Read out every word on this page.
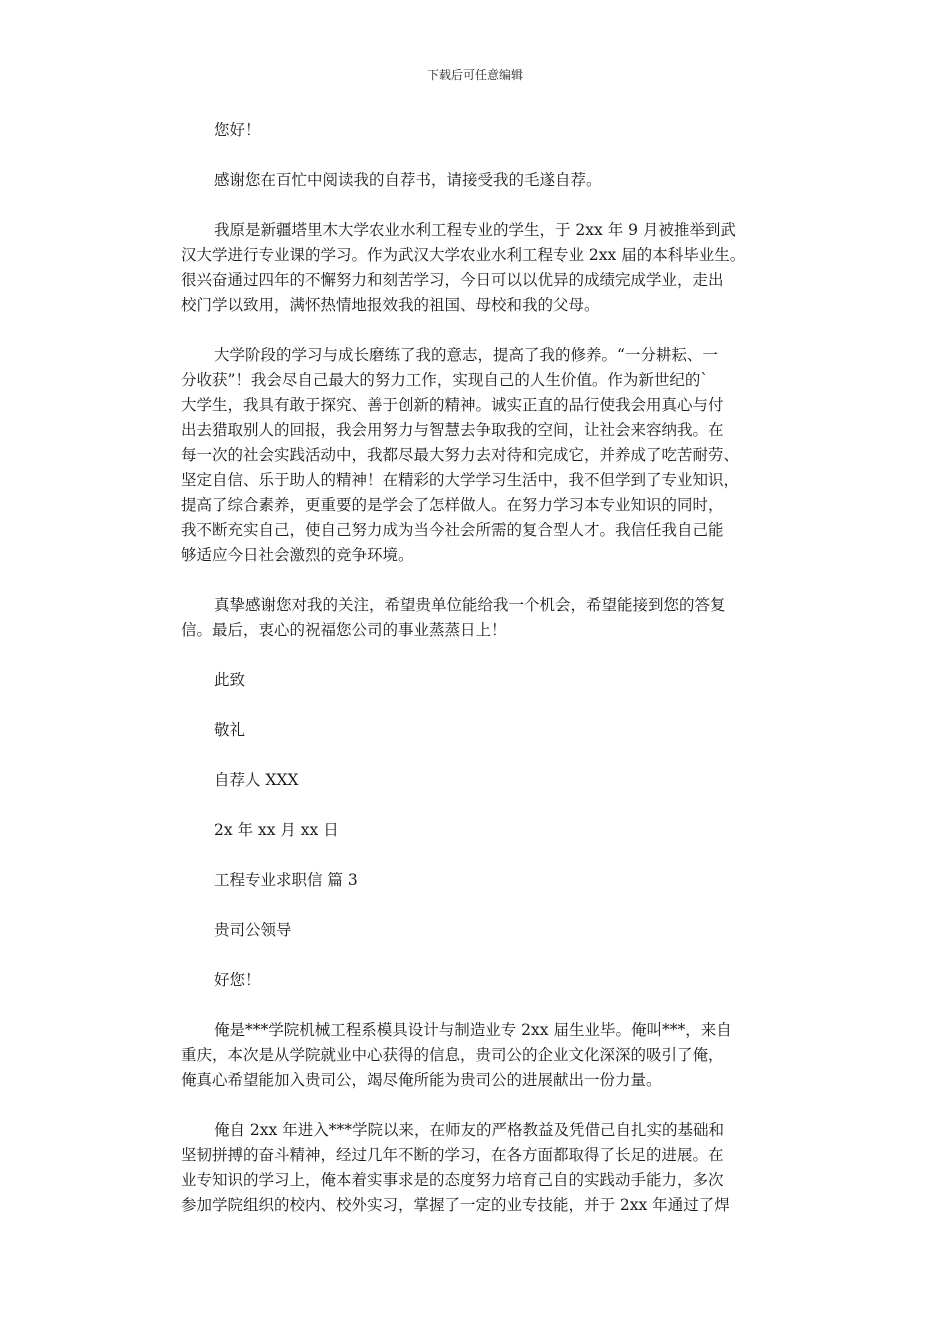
下载后可任意编辑

您好！

感谢您在百忙中阅读我的自荐书，请接受我的毛遂自荐。

我原是新疆塔里木大学农业水利工程专业的学生，于 2xx 年 9 月被推举到武

汉大学进行专业课的学习。作为武汉大学农业水利工程专业 2xx 届的本科毕业生。

很兴奋通过四年的不懈努力和刻苦学习，今日可以以优异的成绩完成学业，走出

校门学以致用，满怀热情地报效我的祖国、母校和我的父母。

大学阶段的学习与成长磨练了我的意志，提高了我的修养。“一分耕耘、一

分收获”！我会尽自己最大的努力工作，实现自己的人生价值。作为新世纪的`

大学生，我具有敢于探究、善于创新的精神。诚实正直的品行使我会用真心与付

出去猎取别人的回报，我会用努力与智慧去争取我的空间，让社会来容纳我。在

每一次的社会实践活动中，我都尽最大努力去对待和完成它，并养成了吃苦耐劳、

坚定自信、乐于助人的精神！在精彩的大学学习生活中，我不但学到了专业知识，

提高了综合素养，更重要的是学会了怎样做人。在努力学习本专业知识的同时，

我不断充实自己，使自己努力成为当今社会所需的复合型人才。我信任我自己能

够适应今日社会激烈的竞争环境。

真挚感谢您对我的关注，希望贵单位能给我一个机会，希望能接到您的答复

信。最后，衷心的祝福您公司的事业蒸蒸日上！

此致

敬礼

自荐人 XXX

2x 年 xx 月 xx 日

工程专业求职信 篇 3

贵司公领导

好您！

俺是***学院机械工程系模具设计与制造业专 2xx 届生业毕。俺叫***，来自

重庆，本次是从学院就业中心获得的信息，贵司公的企业文化深深的吸引了俺，

俺真心希望能加入贵司公，竭尽俺所能为贵司公的进展献出一份力量。

俺自 2xx 年进入***学院以来，在师友的严格教益及凭借己自扎实的基础和

坚韧拼搏的奋斗精神，经过几年不断的学习，在各方面都取得了长足的进展。在

业专知识的学习上，俺本着实事求是的态度努力培育己自的实践动手能力，多次

参加学院组织的校内、校外实习，掌握了一定的业专技能，并于 2xx 年通过了焊
